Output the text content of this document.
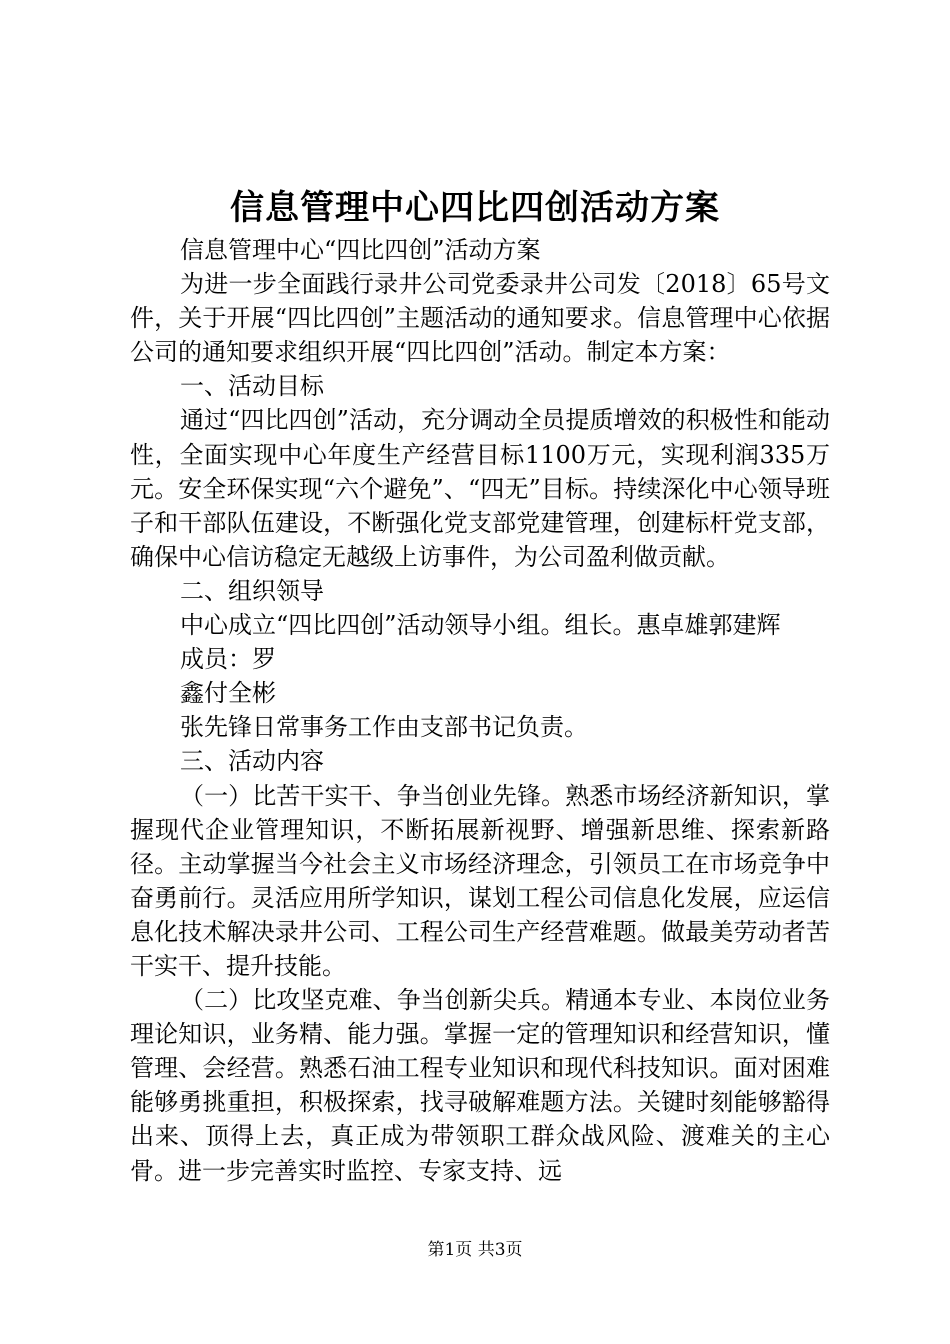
信息管理中心四比四创活动方案

信息管理中心“四比四创”活动方案

为进一步全面践行录井公司党委录井公司发〔2018〕65号文件，关于开展“四比四创”主题活动的通知要求。信息管理中心依据公司的通知要求组织开展“四比四创”活动。制定本方案：

一、活动目标

通过“四比四创”活动，充分调动全员提质增效的积极性和能动性，全面实现中心年度生产经营目标1100万元，实现利润335万元。安全环保实现“六个避免”、“四无”目标。持续深化中心领导班子和干部队伍建设，不断强化党支部党建管理，创建标杆党支部，确保中心信访稳定无越级上访事件，为公司盈利做贡献。

二、组织领导

中心成立“四比四创”活动领导小组。组长。惠卓雄郭建辉

成员：罗

鑫付全彬

张先锋日常事务工作由支部书记负责。

三、活动内容

（一）比苦干实干、争当创业先锋。熟悉市场经济新知识，掌握现代企业管理知识，不断拓展新视野、增强新思维、探索新路径。主动掌握当今社会主义市场经济理念，引领员工在市场竞争中奋勇前行。灵活应用所学知识，谋划工程公司信息化发展，应运信息化技术解决录井公司、工程公司生产经营难题。做最美劳动者苦干实干、提升技能。

（二）比攻坚克难、争当创新尖兵。精通本专业、本岗位业务理论知识，业务精、能力强。掌握一定的管理知识和经营知识，懂管理、会经营。熟悉石油工程专业知识和现代科技知识。面对困难能够勇挑重担，积极探索，找寻破解难题方法。关键时刻能够豁得出来、顶得上去，真正成为带领职工群众战风险、渡难关的主心骨。进一步完善实时监控、专家支持、远

第1页 共3页
